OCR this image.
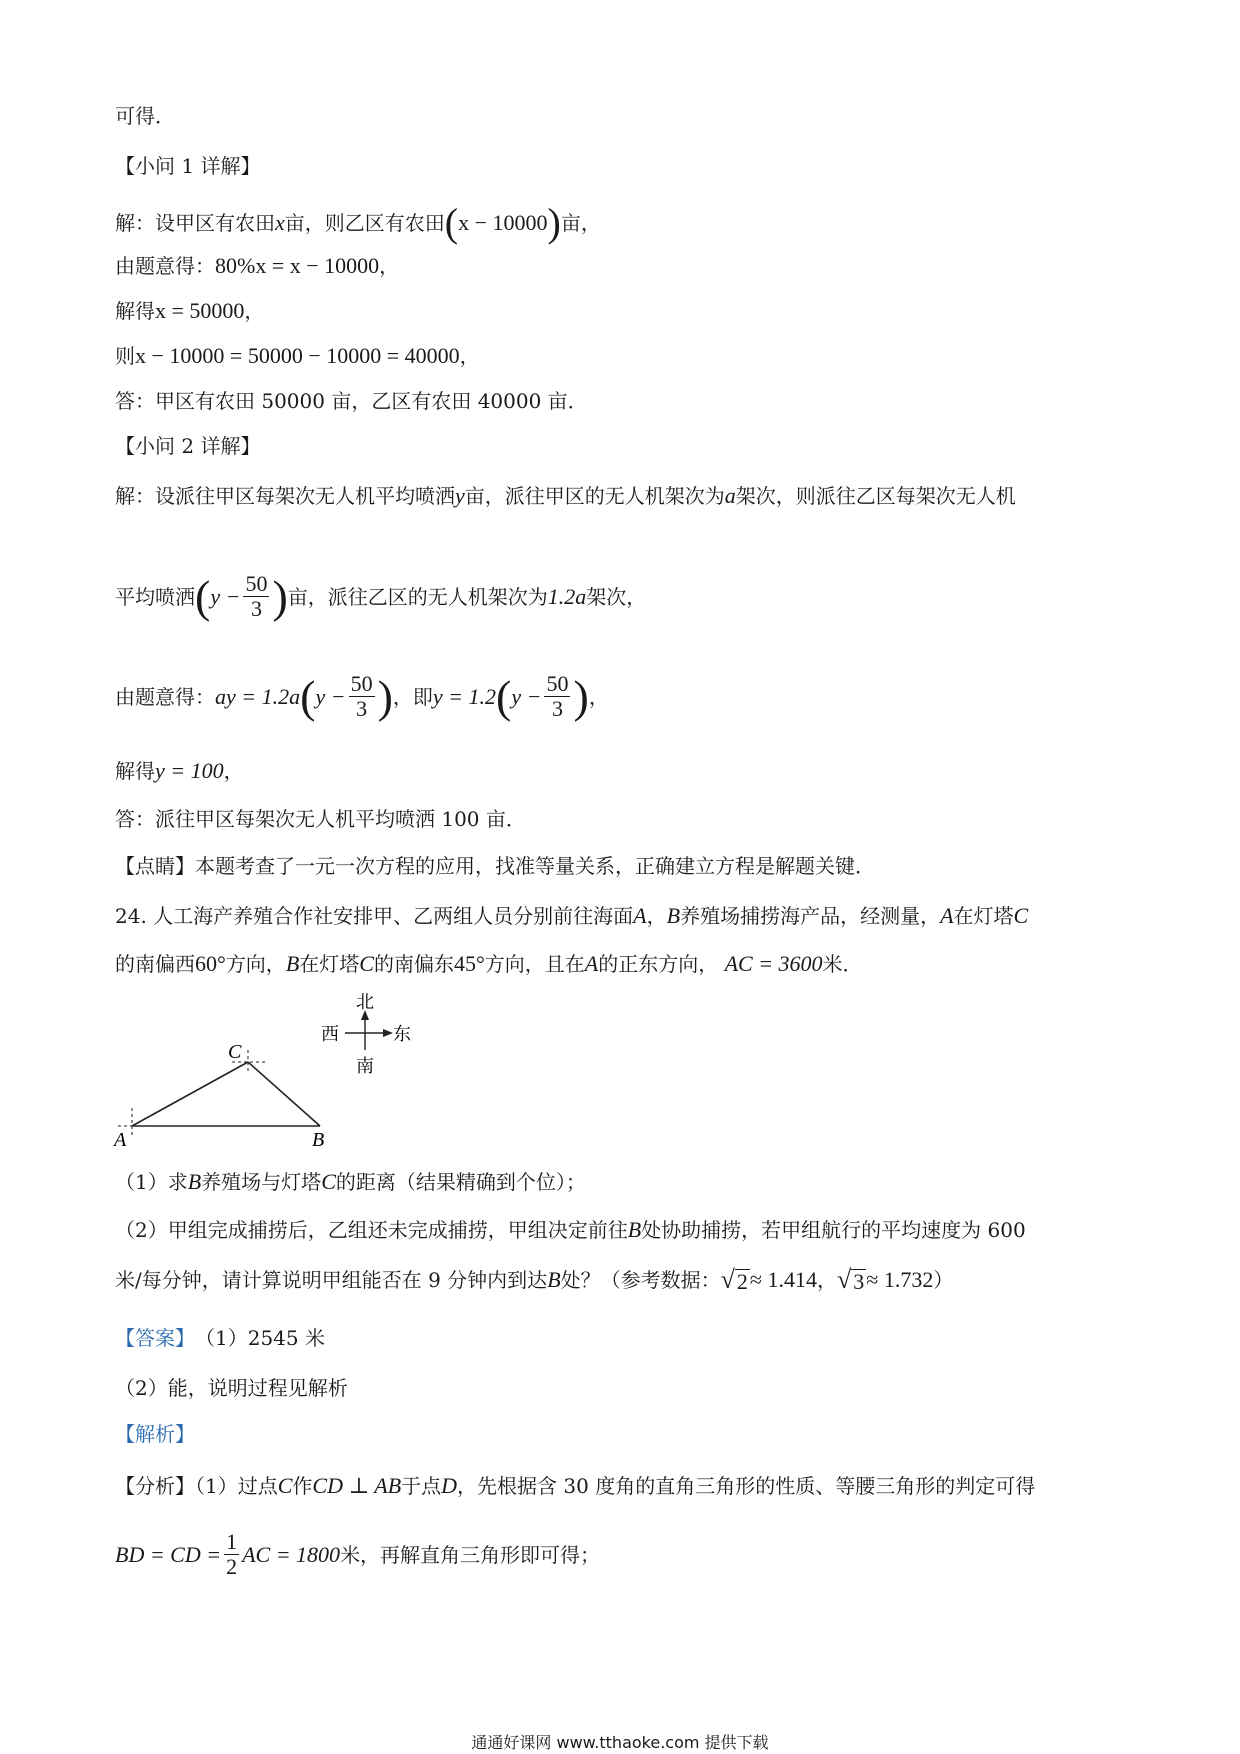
可得．
【小问 1 详解】
解：设甲区有农田 x 亩，则乙区有农田 ( x − 10000 ) 亩，
由题意得： 80%x = x − 10000 ，
解得 x = 50000 ，
则 x − 10000 = 50000 − 10000 = 40000 ，
答：甲区有农田 50000 亩，乙区有农田 40000 亩．
【小问 2 详解】
解：设派往甲区每架次无人机平均喷洒 y 亩，派往甲区的无人机架次为 a 架次，则派往乙区每架次无人机
平均喷洒 ( $y - \frac{50}{3}$ ) 亩，派往乙区的无人机架次为 1.2a 架次，
由题意得： ay = 1.2a ( $y - \frac{50}{3}$ ) ，即 y = 1.2 ( $y - \frac{50}{3}$ ) ，
解得 y = 100 ，
答：派往甲区每架次无人机平均喷洒 100 亩．
【点睛】本题考查了一元一次方程的应用，找准等量关系，正确建立方程是解题关键．
24. 人工海产养殖合作社安排甲、乙两组人员分别前往海面 A ， B 养殖场捕捞海产品，经测量， A 在灯塔 C
的南偏西 60° 方向， B 在灯塔 C 的南偏东 45° 方向，且在 A 的正东方向，
AC = 3600 米．
C
A	B
北
南
西	东
（1）求 B 养殖场与灯塔 C 的距离（结果精确到个位）；
（2）甲组完成捕捞后，乙组还未完成捕捞，甲组决定前往 B 处协助捕捞，若甲组航行的平均速度为 600
米/每分钟，请计算说明甲组能否在 9 分钟内到达 B 处？（参考数据： √ 2 ≈ 1.414 ， √ 3 ≈ 1.732 ）
【答案】 （1）2545 米
（2）能，说明过程见解析
【解析】
【分析】（1）过点 C 作 CD ⊥ AB 于点 D ，先根据含 30 度角的直角三角形的性质、等腰三角形的判定可得
BD = CD = $\frac{1}{2}$ AC = 1800 米，再解直角三角形即可得；
通通好课网 www.tthaoke.com 提供下载
